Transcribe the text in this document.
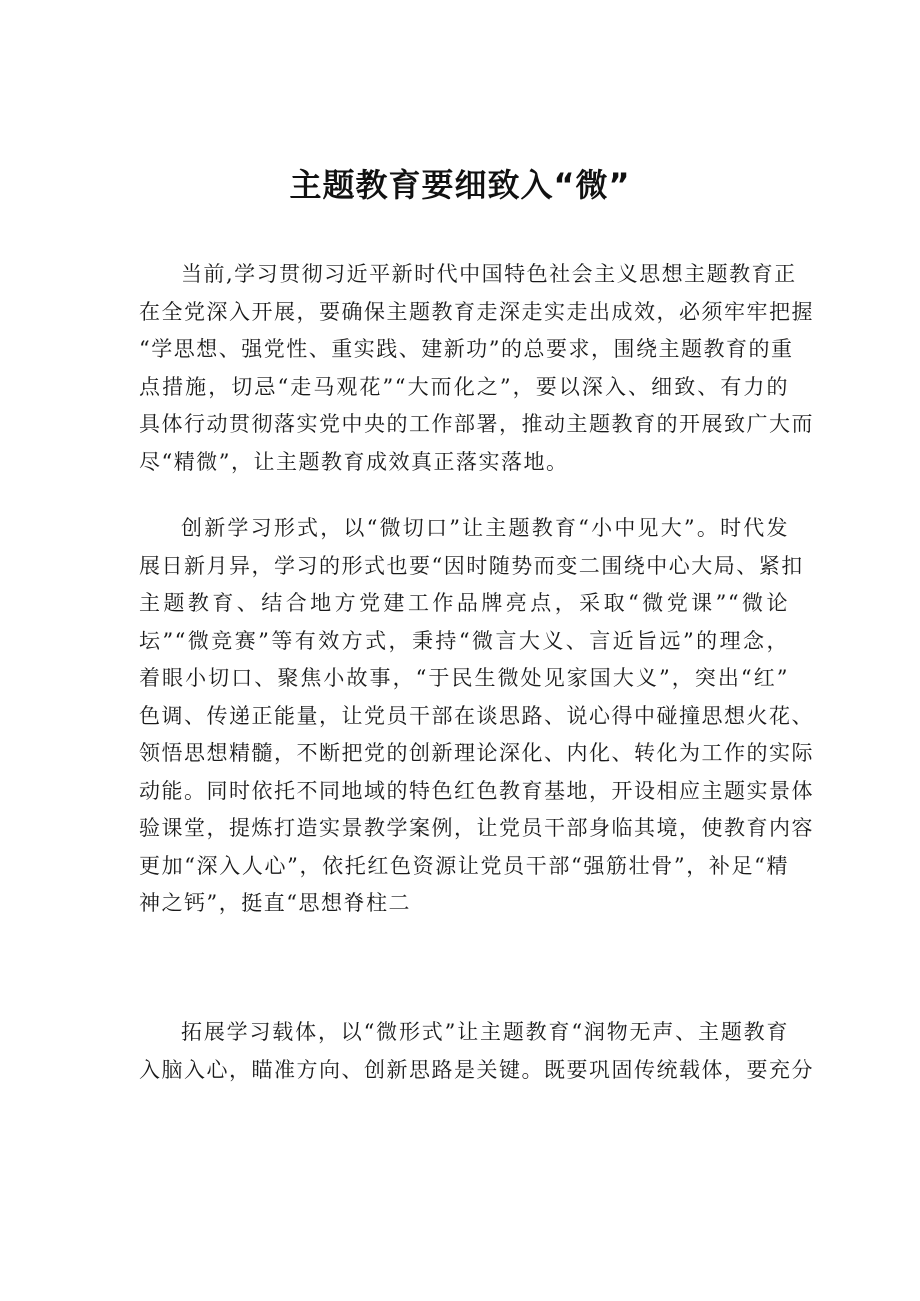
主题教育要细致入“微”
当前,学习贯彻习近平新时代中国特色社会主义思想主题教育正
在全党深入开展，要确保主题教育走深走实走出成效，必须牢牢把握
“学思想、强党性、重实践、建新功”的总要求，围绕主题教育的重
点措施，切忌“走马观花”“大而化之”，要以深入、细致、有力的
具体行动贯彻落实党中央的工作部署，推动主题教育的开展致广大而
尽“精微”，让主题教育成效真正落实落地。
创新学习形式，以“微切口”让主题教育“小中见大”。时代发
展日新月异，学习的形式也要“因时随势而变二围绕中心大局、紧扣
主题教育、结合地方党建工作品牌亮点，采取“微党课”“微论
坛”“微竞赛”等有效方式，秉持“微言大义、言近旨远”的理念，
着眼小切口、聚焦小故事，“于民生微处见家国大义”，突出“红”
色调、传递正能量，让党员干部在谈思路、说心得中碰撞思想火花、
领悟思想精髓，不断把党的创新理论深化、内化、转化为工作的实际
动能。同时依托不同地域的特色红色教育基地，开设相应主题实景体
验课堂，提炼打造实景教学案例，让党员干部身临其境，使教育内容
更加“深入人心”，依托红色资源让党员干部“强筋壮骨”，补足“精
神之钙”，挺直“思想脊柱二
拓展学习载体，以“微形式”让主题教育“润物无声、主题教育
入脑入心，瞄准方向、创新思路是关键。既要巩固传统载体，要充分
